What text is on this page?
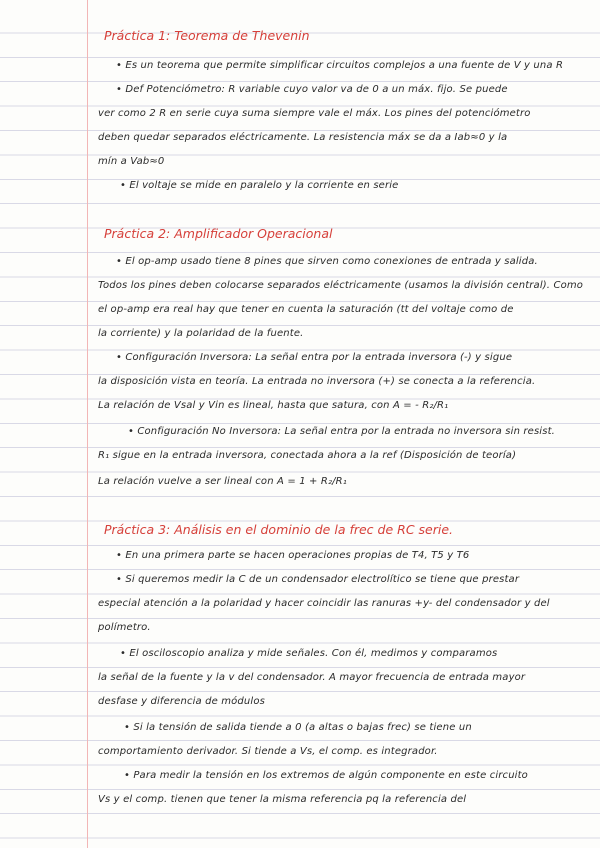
Práctica 1: Teorema de Thevenin
• Es un teorema que permite simplificar circuitos complejos a una fuente de V y una R
• Def Potenciómetro: R variable cuyo valor va de 0 a un máx. fijo. Se puede
ver como 2 R en serie cuya suma siempre vale el máx. Los pines del potenciómetro
deben quedar separados eléctricamente. La resistencia máx se da a Iab≈0 y la
mín a Vab≈0
• El voltaje se mide en paralelo y la corriente en serie
Práctica 2: Amplificador Operacional
• El op-amp usado tiene 8 pines que sirven como conexiones de entrada y salida.
Todos los pines deben colocarse separados eléctricamente (usamos la división central). Como
el op-amp era real hay que tener en cuenta la saturación (tt del voltaje como de
la corriente) y la polaridad de la fuente.
• Configuración Inversora: La señal entra por la entrada inversora (-) y sigue
la disposición vista en teoría. La entrada no inversora (+) se conecta a la referencia.
La relación de Vsal y Vin es lineal, hasta que satura, con A = - R₂/R₁
• Configuración No Inversora: La señal entra por la entrada no inversora sin resist.
R₁ sigue en la entrada inversora, conectada ahora a la ref (Disposición de teoría)
La relación vuelve a ser lineal con A = 1 + R₂/R₁
Práctica 3: Análisis en el dominio de la frec de RC serie.
• En una primera parte se hacen operaciones propias de T4, T5 y T6
• Si queremos medir la C de un condensador electrolítico se tiene que prestar
especial atención a la polaridad y hacer coincidir las ranuras +y- del condensador y del
polímetro.
• El osciloscopio analiza y mide señales. Con él, medimos y comparamos
la señal de la fuente y la v del condensador. A mayor frecuencia de entrada mayor
desfase y diferencia de módulos
• Si la tensión de salida tiende a 0 (a altas o bajas frec) se tiene un
comportamiento derivador. Si tiende a Vs, el comp. es integrador.
• Para medir la tensión en los extremos de algún componente en este circuito
Vs y el comp. tienen que tener la misma referencia pq la referencia del
